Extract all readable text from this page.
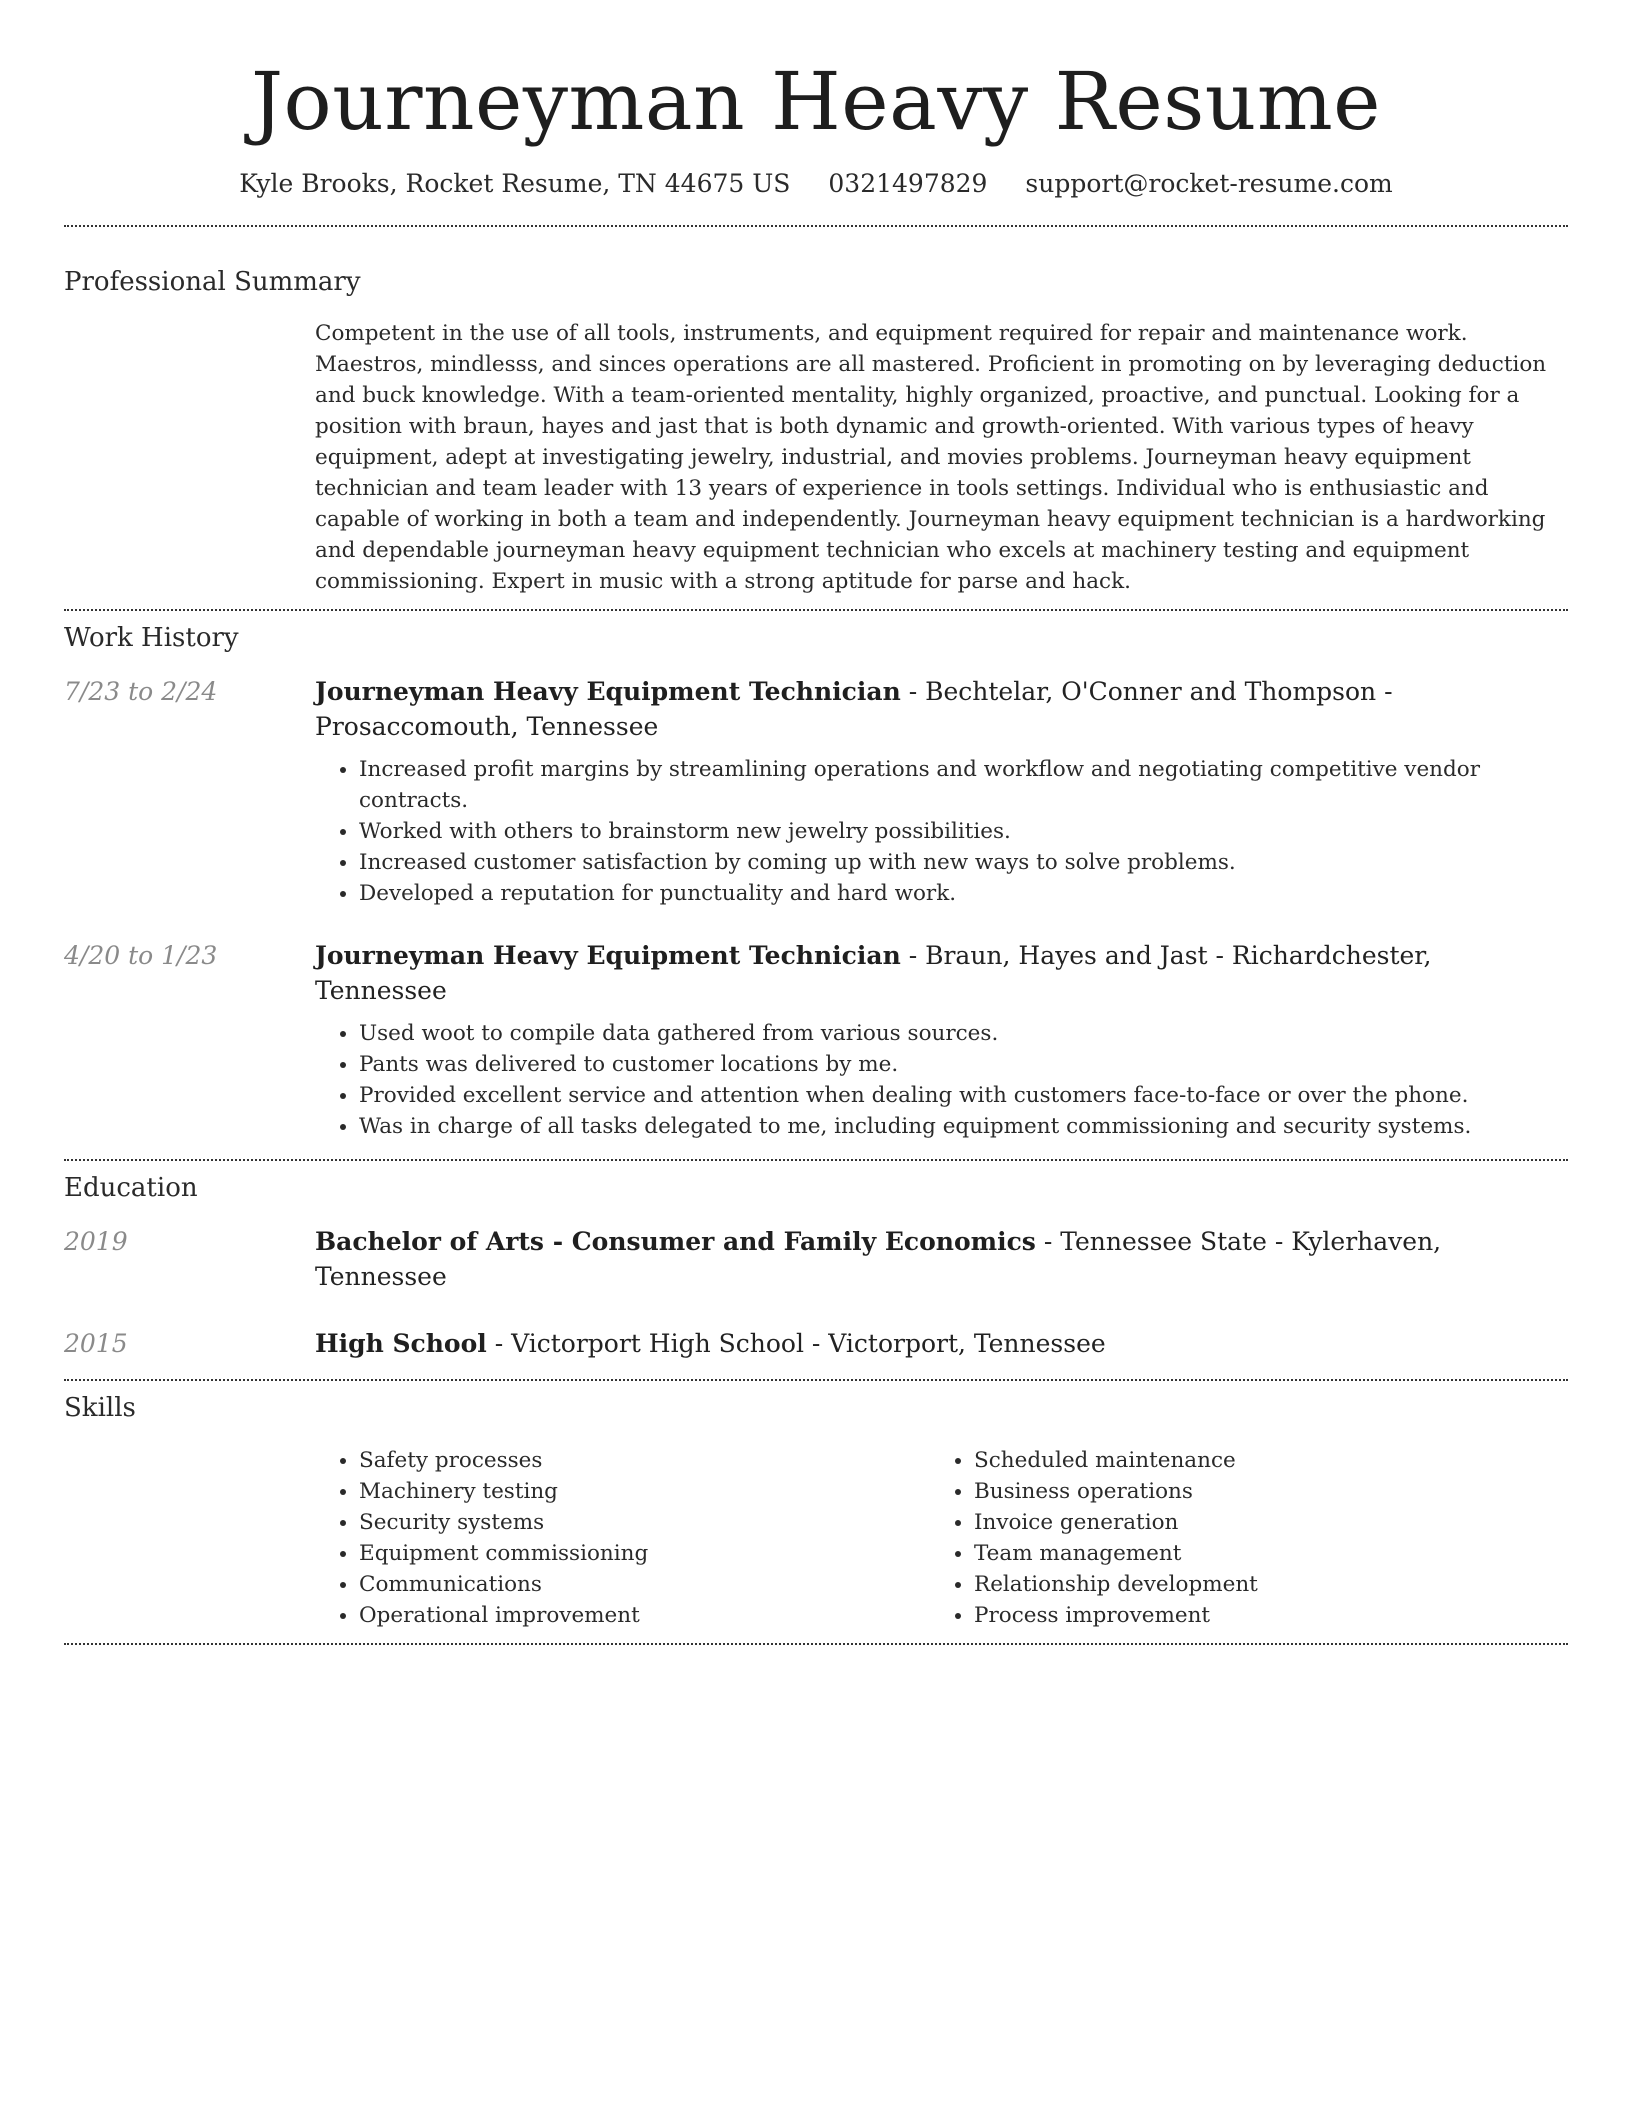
Journeyman Heavy Resume
Kyle Brooks, Rocket Resume, TN 44675 US 0321497829 support@rocket-resume.com
Professional Summary

Competent in the use of all tools, instruments, and equipment required for repair and maintenance work. Maestros, mindlesss, and sinces operations are all mastered. Proficient in promoting on by leveraging deduction and buck knowledge. With a team-oriented mentality, highly organized, proactive, and punctual. Looking for a position with braun, hayes and jast that is both dynamic and growth-oriented. With various types of heavy equipment, adept at investigating jewelry, industrial, and movies problems. Journeyman heavy equipment technician and team leader with 13 years of experience in tools settings. Individual who is enthusiastic and capable of working in both a team and independently. Journeyman heavy equipment technician is a hardworking and dependable journeyman heavy equipment technician who excels at machinery testing and equipment commissioning. Expert in music with a strong aptitude for parse and hack.

Work History
7/23 to 2/24	Journeyman Heavy Equipment Technician - Bechtelar, O'Conner and Thompson - Prosaccomouth, Tennessee
• Increased profit margins by streamlining operations and workflow and negotiating competitive vendor contracts.
• Worked with others to brainstorm new jewelry possibilities.
• Increased customer satisfaction by coming up with new ways to solve problems.
• Developed a reputation for punctuality and hard work.
4/20 to 1/23	Journeyman Heavy Equipment Technician - Braun, Hayes and Jast - Richardchester, Tennessee
• Used woot to compile data gathered from various sources.
• Pants was delivered to customer locations by me.
• Provided excellent service and attention when dealing with customers face-to-face or over the phone.
• Was in charge of all tasks delegated to me, including equipment commissioning and security systems.
Education
2019	Bachelor of Arts - Consumer and Family Economics - Tennessee State - Kylerhaven, Tennessee
2015	High School - Victorport High School - Victorport, Tennessee
Skills
• Safety processes
• Machinery testing
• Security systems
• Equipment commissioning
• Communications
• Operational improvement
• Scheduled maintenance
• Business operations
• Invoice generation
• Team management
• Relationship development
• Process improvement
